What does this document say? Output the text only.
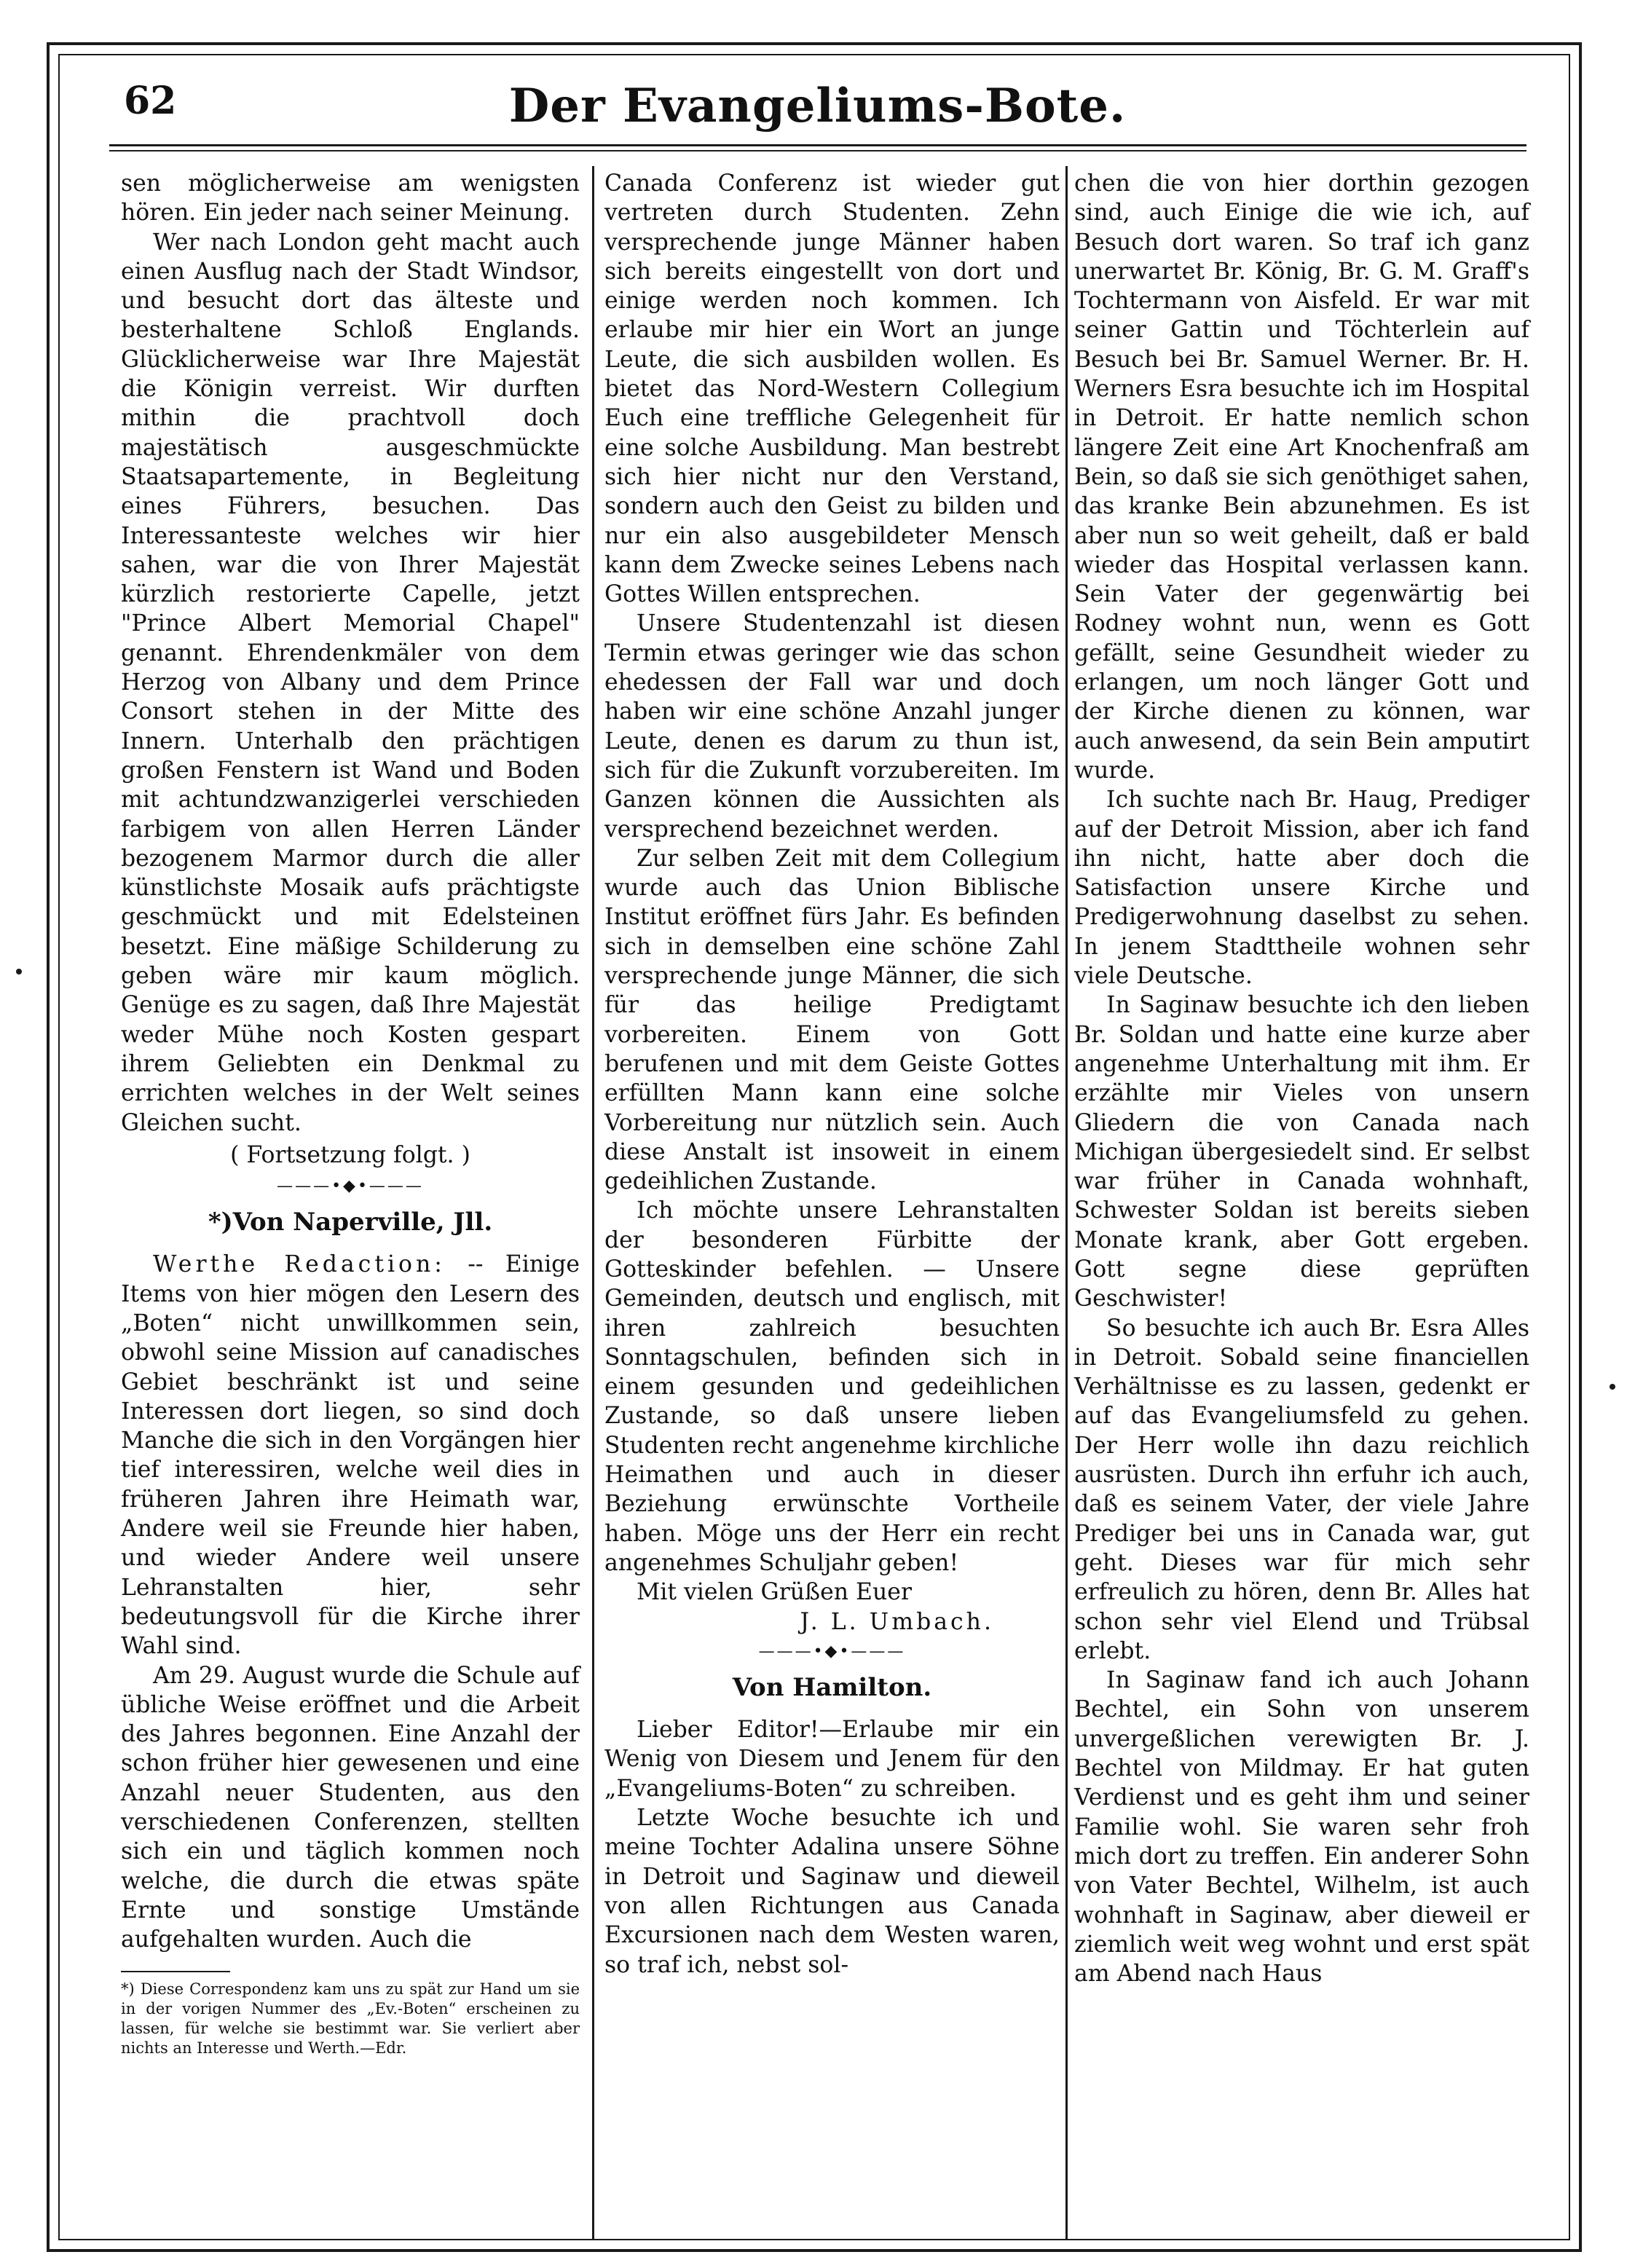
Der Evangeliums-Bote.
62

sen möglicherweise am wenigsten hören. Ein jeder nach seiner Meinung.

Wer nach London geht macht auch einen Ausflug nach der Stadt Windsor, und besucht dort das älteste und besterhaltene Schloß Englands. Glücklicherweise war Ihre Majestät die Königin verreist. Wir durften mithin die prachtvoll doch majestätisch ausgeschmückte Staatsapartemente, in Begleitung eines Führers, besuchen. Das Interessanteste welches wir hier sahen, war die von Ihrer Majestät kürzlich restorierte Capelle, jetzt "Prince Albert Memorial Chapel" genannt. Ehrendenkmäler von dem Herzog von Albany und dem Prince Consort stehen in der Mitte des Innern. Unterhalb den prächtigen großen Fenstern ist Wand und Boden mit achtundzwanzigerlei verschieden farbigem von allen Herren Länder bezogenem Marmor durch die aller künstlichste Mosaik aufs prächtigste geschmückt und mit Edelsteinen besetzt. Eine mäßige Schilderung zu geben wäre mir kaum möglich. Genüge es zu sagen, daß Ihre Majestät weder Mühe noch Kosten gespart ihrem Geliebten ein Denkmal zu errichten welches in der Welt seines Gleichen sucht.

( Fortsetzung folgt. )

———•◆•———

*)Von Naperville, Jll.

Werthe Redaction: -- Einige Items von hier mögen den Lesern des „Boten“ nicht unwillkommen sein, obwohl seine Mission auf canadisches Gebiet beschränkt ist und seine Interessen dort liegen, so sind doch Manche die sich in den Vorgängen hier tief interessiren, welche weil dies in früheren Jahren ihre Heimath war, Andere weil sie Freunde hier haben, und wieder Andere weil unsere Lehranstalten hier, sehr bedeutungsvoll für die Kirche ihrer Wahl sind.

Am 29. August wurde die Schule auf übliche Weise eröffnet und die Arbeit des Jahres begonnen. Eine Anzahl der schon früher hier gewesenen und eine Anzahl neuer Studenten, aus den verschiedenen Conferenzen, stellten sich ein und täglich kommen noch welche, die durch die etwas späte Ernte und sonstige Umstände aufgehalten wurden. Auch die

*) Diese Correspondenz kam uns zu spät zur Hand um sie in der vorigen Nummer des „Ev.-Boten“ erscheinen zu lassen, für welche sie bestimmt war. Sie verliert aber nichts an Interesse und Werth.—Edr.

Canada Conferenz ist wieder gut vertreten durch Studenten. Zehn versprechende junge Männer haben sich bereits eingestellt von dort und einige werden noch kommen. Ich erlaube mir hier ein Wort an junge Leute, die sich ausbilden wollen. Es bietet das Nord-Western Collegium Euch eine treffliche Gelegenheit für eine solche Ausbildung. Man bestrebt sich hier nicht nur den Verstand, sondern auch den Geist zu bilden und nur ein also ausgebildeter Mensch kann dem Zwecke seines Lebens nach Gottes Willen entsprechen.

Unsere Studentenzahl ist diesen Termin etwas geringer wie das schon ehedessen der Fall war und doch haben wir eine schöne Anzahl junger Leute, denen es darum zu thun ist, sich für die Zukunft vorzubereiten. Im Ganzen können die Aussichten als versprechend bezeichnet werden.

Zur selben Zeit mit dem Collegium wurde auch das Union Biblische Institut eröffnet fürs Jahr. Es befinden sich in demselben eine schöne Zahl versprechende junge Männer, die sich für das heilige Predigtamt vorbereiten. Einem von Gott berufenen und mit dem Geiste Gottes erfüllten Mann kann eine solche Vorbereitung nur nützlich sein. Auch diese Anstalt ist insoweit in einem gedeihlichen Zustande.

Ich möchte unsere Lehranstalten der besonderen Fürbitte der Gotteskinder befehlen. — Unsere Gemeinden, deutsch und englisch, mit ihren zahlreich besuchten Sonntagschulen, befinden sich in einem gesunden und gedeihlichen Zustande, so daß unsere lieben Studenten recht angenehme kirchliche Heimathen und auch in dieser Beziehung erwünschte Vortheile haben. Möge uns der Herr ein recht angenehmes Schuljahr geben!

Mit vielen Grüßen Euer

J. L. Umbach.

———•◆•———

Von Hamilton.

Lieber Editor!—Erlaube mir ein Wenig von Diesem und Jenem für den „Evangeliums-Boten“ zu schreiben.

Letzte Woche besuchte ich und meine Tochter Adalina unsere Söhne in Detroit und Saginaw und dieweil von allen Richtungen aus Canada Excursionen nach dem Westen waren, so traf ich, nebst sol-

chen die von hier dorthin gezogen sind, auch Einige die wie ich, auf Besuch dort waren. So traf ich ganz unerwartet Br. König, Br. G. M. Graff's Tochtermann von Aisfeld. Er war mit seiner Gattin und Töchterlein auf Besuch bei Br. Samuel Werner. Br. H. Werners Esra besuchte ich im Hospital in Detroit. Er hatte nemlich schon längere Zeit eine Art Knochenfraß am Bein, so daß sie sich genöthiget sahen, das kranke Bein abzunehmen. Es ist aber nun so weit geheilt, daß er bald wieder das Hospital verlassen kann. Sein Vater der gegenwärtig bei Rodney wohnt nun, wenn es Gott gefällt, seine Gesundheit wieder zu erlangen, um noch länger Gott und der Kirche dienen zu können, war auch anwesend, da sein Bein amputirt wurde.

Ich suchte nach Br. Haug, Prediger auf der Detroit Mission, aber ich fand ihn nicht, hatte aber doch die Satisfaction unsere Kirche und Predigerwohnung daselbst zu sehen. In jenem Stadttheile wohnen sehr viele Deutsche.

In Saginaw besuchte ich den lieben Br. Soldan und hatte eine kurze aber angenehme Unterhaltung mit ihm. Er erzählte mir Vieles von unsern Gliedern die von Canada nach Michigan übergesiedelt sind. Er selbst war früher in Canada wohnhaft, Schwester Soldan ist bereits sieben Monate krank, aber Gott ergeben. Gott segne diese geprüften Geschwister!

So besuchte ich auch Br. Esra Alles in Detroit. Sobald seine financiellen Verhältnisse es zu lassen, gedenkt er auf das Evangeliumsfeld zu gehen. Der Herr wolle ihn dazu reichlich ausrüsten. Durch ihn erfuhr ich auch, daß es seinem Vater, der viele Jahre Prediger bei uns in Canada war, gut geht. Dieses war für mich sehr erfreulich zu hören, denn Br. Alles hat schon sehr viel Elend und Trübsal erlebt.

In Saginaw fand ich auch Johann Bechtel, ein Sohn von unserem unvergeßlichen verewigten Br. J. Bechtel von Mildmay. Er hat guten Verdienst und es geht ihm und seiner Familie wohl. Sie waren sehr froh mich dort zu treffen. Ein anderer Sohn von Vater Bechtel, Wilhelm, ist auch wohnhaft in Saginaw, aber dieweil er ziemlich weit weg wohnt und erst spät am Abend nach Haus
